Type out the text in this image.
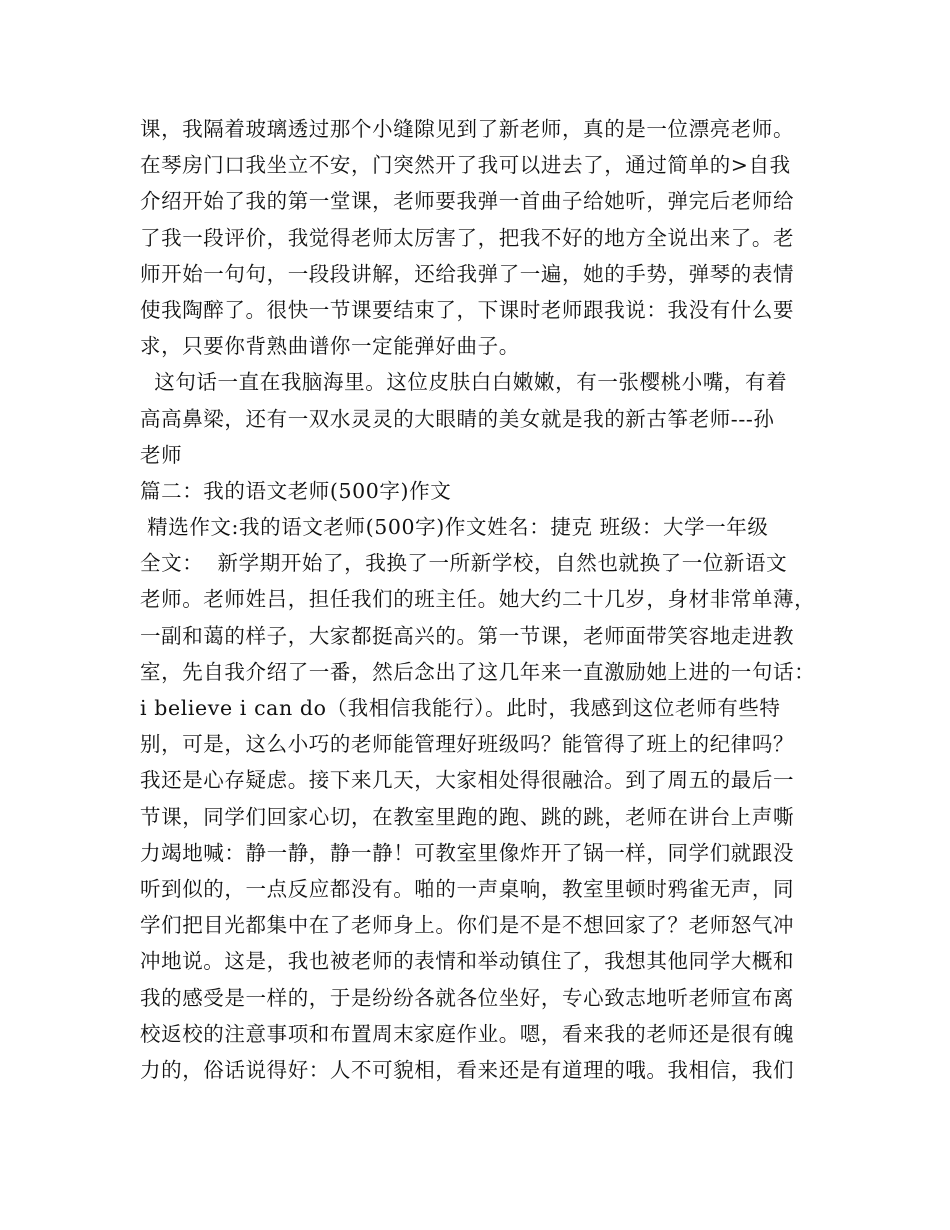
课，我隔着玻璃透过那个小缝隙见到了新老师，真的是一位漂亮老师。
在琴房门口我坐立不安，门突然开了我可以进去了，通过简单的>自我
介绍开始了我的第一堂课，老师要我弹一首曲子给她听，弹完后老师给
了我一段评价，我觉得老师太厉害了，把我不好的地方全说出来了。老
师开始一句句，一段段讲解，还给我弹了一遍，她的手势，弹琴的表情
使我陶醉了。很快一节课要结束了，下课时老师跟我说：我没有什么要
求，只要你背熟曲谱你一定能弹好曲子。
这句话一直在我脑海里。这位皮肤白白嫩嫩，有一张樱桃小嘴，有着
高高鼻梁，还有一双水灵灵的大眼睛的美女就是我的新古筝老师---孙
老师
篇二：我的语文老师(500字)作文
精选作文:我的语文老师(500字)作文姓名：捷克 班级：大学一年级
全文：  新学期开始了，我换了一所新学校，自然也就换了一位新语文
老师。老师姓吕，担任我们的班主任。她大约二十几岁，身材非常单薄，
一副和蔼的样子，大家都挺高兴的。第一节课，老师面带笑容地走进教
室，先自我介绍了一番，然后念出了这几年来一直激励她上进的一句话：
i believe i can do（我相信我能行）。此时，我感到这位老师有些特
别，可是，这么小巧的老师能管理好班级吗？能管得了班上的纪律吗？
我还是心存疑虑。接下来几天，大家相处得很融洽。到了周五的最后一
节课，同学们回家心切，在教室里跑的跑、跳的跳，老师在讲台上声嘶
力竭地喊：静一静，静一静！可教室里像炸开了锅一样，同学们就跟没
听到似的，一点反应都没有。啪的一声桌响，教室里顿时鸦雀无声，同
学们把目光都集中在了老师身上。你们是不是不想回家了？老师怒气冲
冲地说。这是，我也被老师的表情和举动镇住了，我想其他同学大概和
我的感受是一样的，于是纷纷各就各位坐好，专心致志地听老师宣布离
校返校的注意事项和布置周末家庭作业。嗯，看来我的老师还是很有魄
力的，俗话说得好：人不可貌相，看来还是有道理的哦。我相信，我们
